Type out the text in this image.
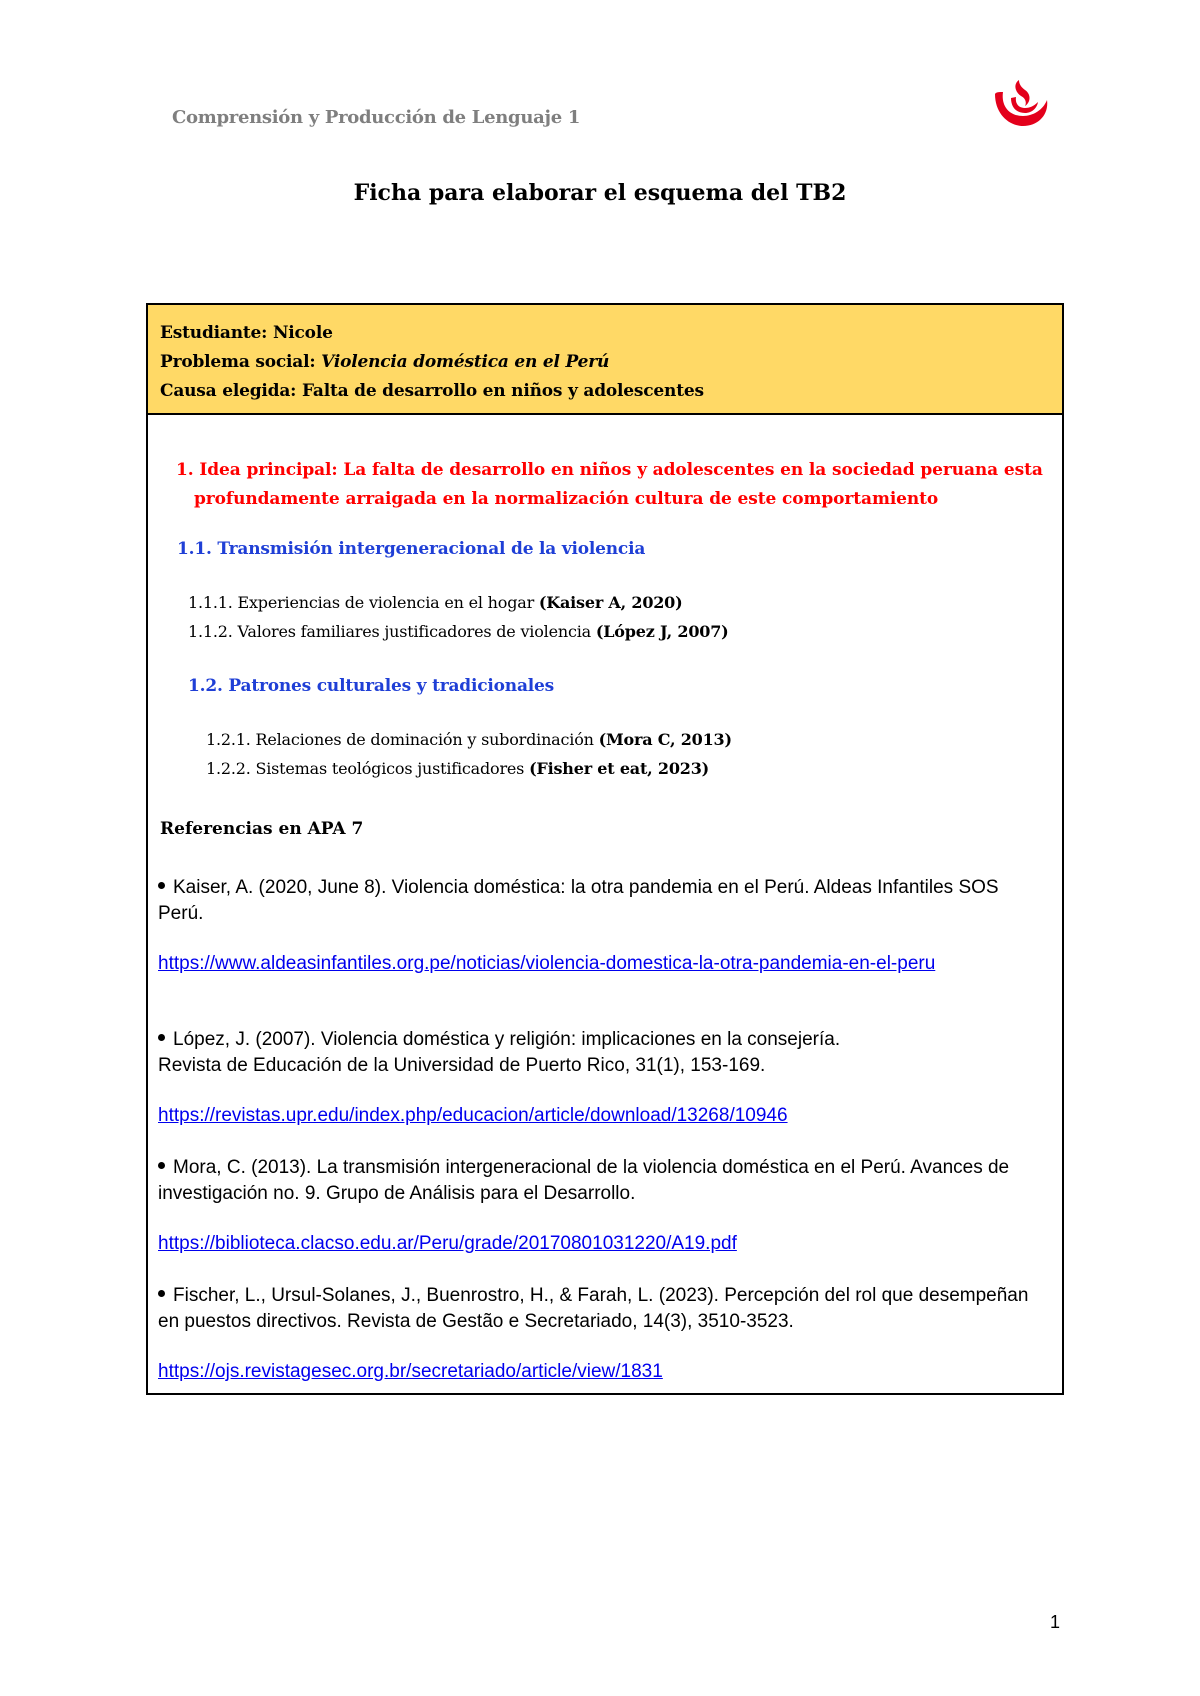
Comprensión y Producción de Lenguaje 1
Ficha para elaborar el esquema del TB2
Estudiante: Nicole
Problema social: Violencia doméstica en el Perú
Causa elegida: Falta de desarrollo en niños y adolescentes
1. Idea principal: La falta de desarrollo en niños y adolescentes en la sociedad peruana esta
profundamente arraigada en la normalización cultura de este comportamiento
1.1. Transmisión intergeneracional de la violencia
1.1.1. Experiencias de violencia en el hogar (Kaiser A, 2020)
1.1.2. Valores familiares justificadores de violencia (López J, 2007)
1.2. Patrones culturales y tradicionales
1.2.1. Relaciones de dominación y subordinación (Mora C, 2013)
1.2.2. Sistemas teológicos justificadores (Fisher et eat, 2023)
Referencias en APA 7
Kaiser, A. (2020, June 8). Violencia doméstica: la otra pandemia en el Perú. Aldeas Infantiles SOS Perú.
https://www.aldeasinfantiles.org.pe/noticias/violencia-domestica-la-otra-pandemia-en-el-peru
López, J. (2007). Violencia doméstica y religión: implicaciones en la consejería.
Revista de Educación de la Universidad de Puerto Rico, 31(1), 153-169.
https://revistas.upr.edu/index.php/educacion/article/download/13268/10946
Mora, C. (2013). La transmisión intergeneracional de la violencia doméstica en el Perú. Avances de investigación no. 9. Grupo de Análisis para el Desarrollo.
https://biblioteca.clacso.edu.ar/Peru/grade/20170801031220/A19.pdf
Fischer, L., Ursul-Solanes, J., Buenrostro, H., & Farah, L. (2023). Percepción del rol que desempeñan en puestos directivos. Revista de Gestão e Secretariado, 14(3), 3510-3523.
https://ojs.revistagesec.org.br/secretariado/article/view/1831
1
